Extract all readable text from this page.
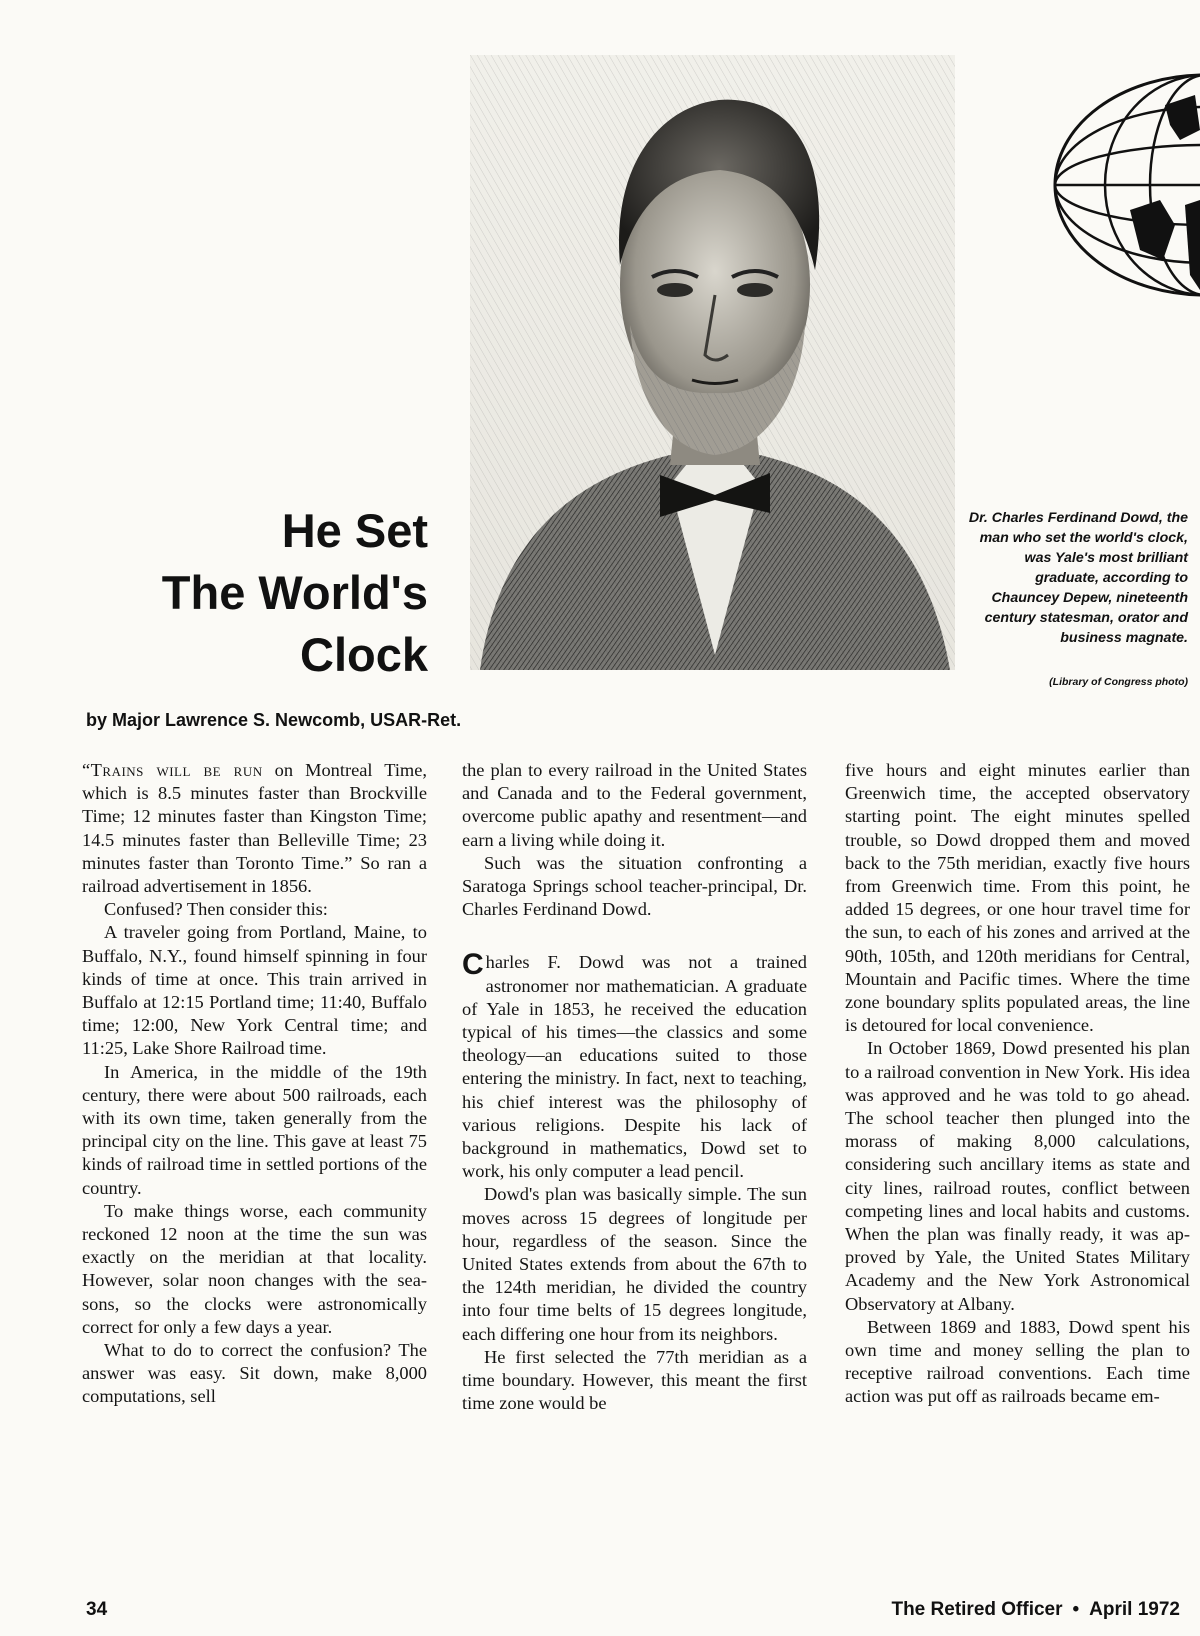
He Set
The World's
Clock
Dr. Charles Ferdinand Dowd, the man who set the world's clock, was Yale's most brilliant graduate, according to Chauncey Depew, nineteenth century statesman, orator and business magnate.
(Library of Congress photo)
by Major Lawrence S. Newcomb, USAR-Ret.

“Trains will be run on Montreal Time, which is 8.5 minutes faster than Brockville Time; 12 minutes faster than Kingston Time; 14.5 minutes faster than Belleville Time; 23 minutes faster than Toronto Time.” So ran a railroad advertisement in 1856.

Confused? Then consider this:

A traveler going from Portland, Maine, to Buffalo, N.Y., found himself spinning in four kinds of time at once. This train arrived in Buffalo at 12:15 Portland time; 11:40, Buffalo time; 12:00, New York Central time; and 11:25, Lake Shore Railroad time.

In America, in the middle of the 19th century, there were about 500 railroads, each with its own time, taken generally from the principal city on the line. This gave at least 75 kinds of railroad time in settled portions of the country.

To make things worse, each community reckoned 12 noon at the time the sun was exactly on the meridian at that locality. However, solar noon changes with the seasons, so the clocks were astronomically correct for only a few days a year.

What to do to correct the confusion? The answer was easy. Sit down, make 8,000 computations, sell

the plan to every railroad in the United States and Canada and to the Federal government, overcome public apathy and resentment—and earn a living while doing it.

Such was the situation confronting a Saratoga Springs school teacher-principal, Dr. Charles Ferdinand Dowd.

Charles F. Dowd was not a trained astronomer nor mathematician. A graduate of Yale in 1853, he received the education typical of his times—the classics and some theology—an educations suited to those entering the ministry. In fact, next to teaching, his chief interest was the philosophy of various religions. Despite his lack of background in mathematics, Dowd set to work, his only computer a lead pencil.

Dowd's plan was basically simple. The sun moves across 15 degrees of longitude per hour, regardless of the season. Since the United States extends from about the 67th to the 124th meridian, he divided the country into four time belts of 15 degrees longitude, each differing one hour from its neighbors.

He first selected the 77th meridian as a time boundary. However, this meant the first time zone would be

five hours and eight minutes earlier than Greenwich time, the accepted observatory starting point. The eight minutes spelled trouble, so Dowd dropped them and moved back to the 75th meridian, exactly five hours from Greenwich time. From this point, he added 15 degrees, or one hour travel time for the sun, to each of his zones and arrived at the 90th, 105th, and 120th meridians for Central, Mountain and Pacific times. Where the time zone boundary splits populated areas, the line is detoured for local convenience.

In October 1869, Dowd presented his plan to a railroad convention in New York. His idea was approved and he was told to go ahead. The school teacher then plunged into the morass of making 8,000 calculations, considering such ancillary items as state and city lines, railroad routes, conflict between competing lines and local habits and customs. When the plan was finally ready, it was approved by Yale, the United States Military Academy and the New York Astronomical Observatory at Albany.

Between 1869 and 1883, Dowd spent his own time and money selling the plan to receptive railroad conventions. Each time action was put off as railroads became em-

34	The Retired Officer • April 1972
